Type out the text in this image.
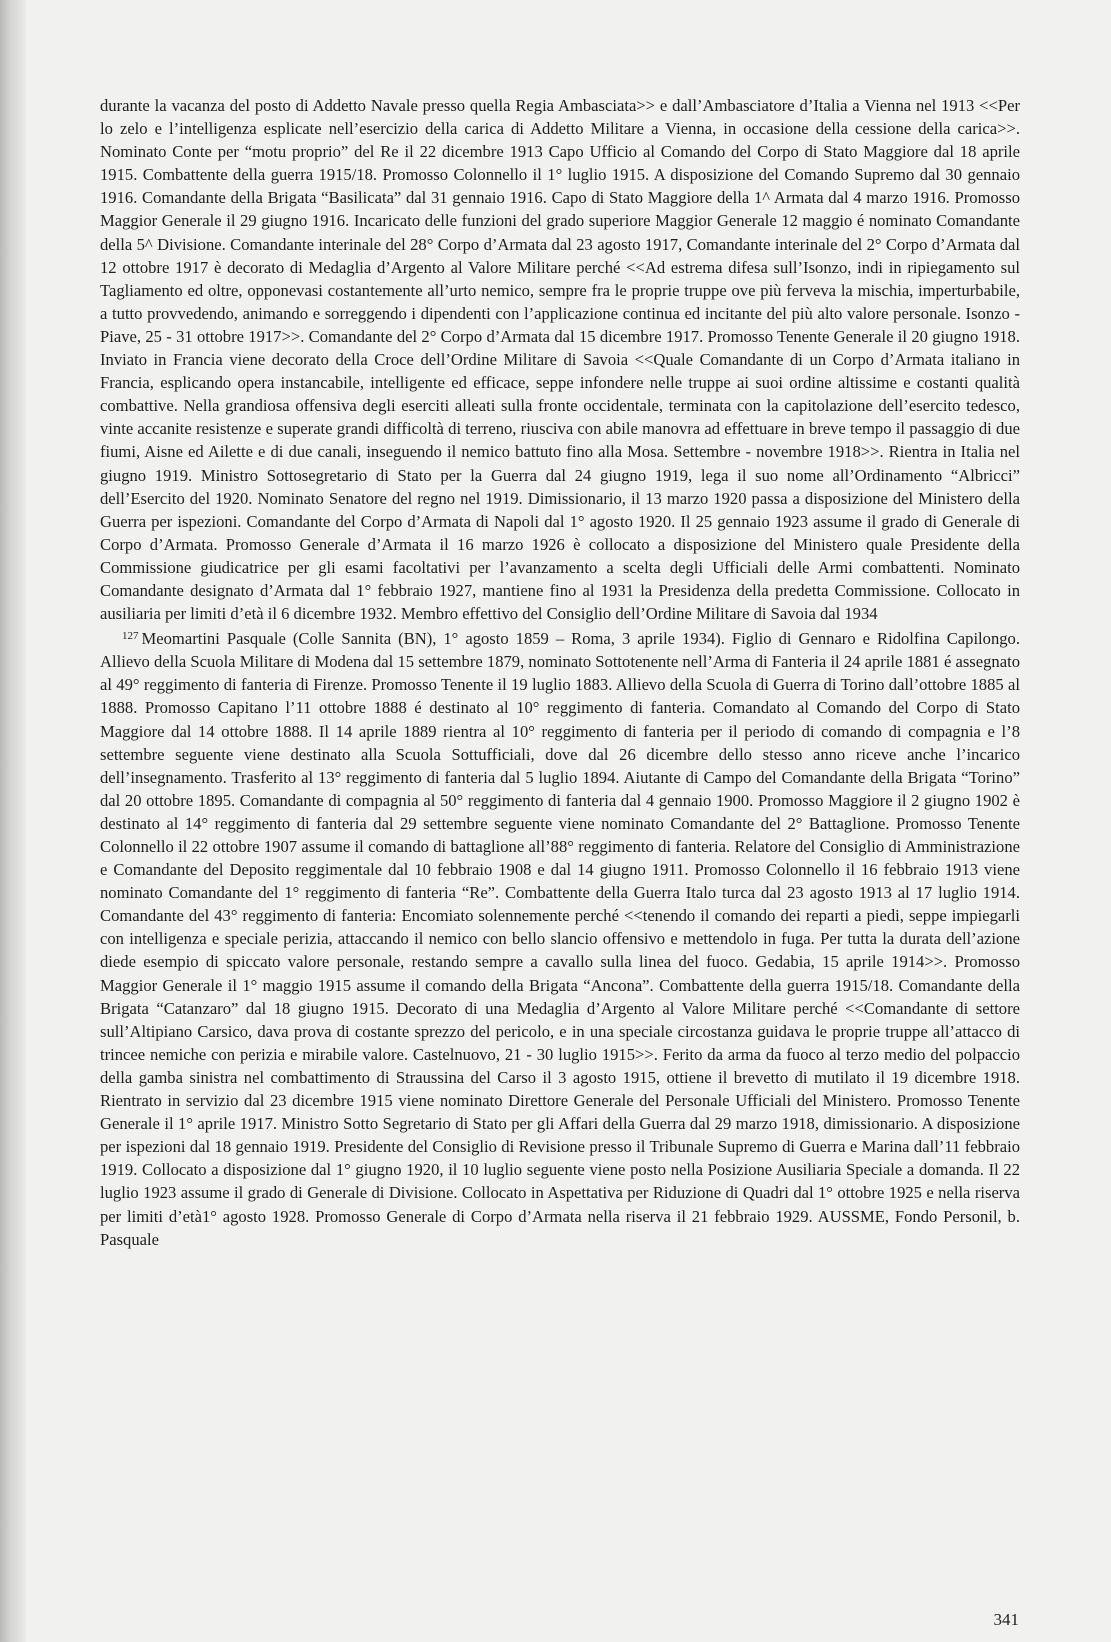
durante la vacanza del posto di Addetto Navale presso quella Regia Ambasciata>> e dall’Ambasciatore d’Italia a Vienna nel 1913 <<Per lo zelo e l’intelligenza esplicate nell’esercizio della carica di Addetto Militare a Vienna, in occasione della cessione della carica>>. Nominato Conte per “motu proprio” del Re il 22 dicembre 1913 Capo Ufficio al Comando del Corpo di Stato Maggiore dal 18 aprile 1915. Combattente della guerra 1915/18. Promosso Colonnello il 1° luglio 1915. A disposizione del Comando Supremo dal 30 gennaio 1916. Comandante della Brigata “Basilicata” dal 31 gennaio 1916. Capo di Stato Maggiore della 1^ Armata dal 4 marzo 1916. Promosso Maggior Generale il 29 giugno 1916. Incaricato delle funzioni del grado superiore Maggior Generale 12 maggio é nominato Comandante della 5^ Divisione. Comandante interinale del 28° Corpo d’Armata dal 23 agosto 1917, Comandante interinale del 2° Corpo d’Armata dal 12 ottobre 1917 è decorato di Medaglia d’Argento al Valore Militare perché <<Ad estrema difesa sull’Isonzo, indi in ripiegamento sul Tagliamento ed oltre, opponevasi costantemente all’urto nemico, sempre fra le proprie truppe ove più ferveva la mischia, imperturbabile, a tutto provvedendo, animando e sorreggendo i dipendenti con l’applicazione continua ed incitante del più alto valore personale. Isonzo - Piave, 25 - 31 ottobre 1917>>. Comandante del 2° Corpo d’Armata dal 15 dicembre 1917. Promosso Tenente Generale il 20 giugno 1918. Inviato in Francia viene decorato della Croce dell’Ordine Militare di Savoia <<Quale Comandante di un Corpo d’Armata italiano in Francia, esplicando opera instancabile, intelligente ed efficace, seppe infondere nelle truppe ai suoi ordine altissime e costanti qualità combattive. Nella grandiosa offensiva degli eserciti alleati sulla fronte occidentale, terminata con la capitolazione dell’esercito tedesco, vinte accanite resistenze e superate grandi difficoltà di terreno, riusciva con abile manovra ad effettuare in breve tempo il passaggio di due fiumi, Aisne ed Ailette e di due canali, inseguendo il nemico battuto fino alla Mosa. Settembre - novembre 1918>>. Rientra in Italia nel giugno 1919. Ministro Sottosegretario di Stato per la Guerra dal 24 giugno 1919, lega il suo nome all’Ordinamento “Albricci” dell’Esercito del 1920. Nominato Senatore del regno nel 1919. Dimissionario, il 13 marzo 1920 passa a disposizione del Ministero della Guerra per ispezioni. Comandante del Corpo d’Armata di Napoli dal 1° agosto 1920. Il 25 gennaio 1923 assume il grado di Generale di Corpo d’Armata. Promosso Generale d’Armata il 16 marzo 1926 è collocato a disposizione del Ministero quale Presidente della Commissione giudicatrice per gli esami facoltativi per l’avanzamento a scelta degli Ufficiali delle Armi combattenti. Nominato Comandante designato d’Armata dal 1° febbraio 1927, mantiene fino al 1931 la Presidenza della predetta Commissione. Collocato in ausiliaria per limiti d’età il 6 dicembre 1932. Membro effettivo del Consiglio dell’Ordine Militare di Savoia dal 1934

$^{127}$ Meomartini Pasquale (Colle Sannita (BN), 1° agosto 1859 – Roma, 3 aprile 1934). Figlio di Gennaro e Ridolfina Capilongo. Allievo della Scuola Militare di Modena dal 15 settembre 1879, nominato Sottotenente nell’Arma di Fanteria il 24 aprile 1881 é assegnato al 49° reggimento di fanteria di Firenze. Promosso Tenente il 19 luglio 1883. Allievo della Scuola di Guerra di Torino dall’ottobre 1885 al 1888. Promosso Capitano l’11 ottobre 1888 é destinato al 10° reggimento di fanteria. Comandato al Comando del Corpo di Stato Maggiore dal 14 ottobre 1888. Il 14 aprile 1889 rientra al 10° reggimento di fanteria per il periodo di comando di compagnia e l’8 settembre seguente viene destinato alla Scuola Sottufficiali, dove dal 26 dicembre dello stesso anno riceve anche l’incarico dell’insegnamento. Trasferito al 13° reggimento di fanteria dal 5 luglio 1894. Aiutante di Campo del Comandante della Brigata “Torino” dal 20 ottobre 1895. Comandante di compagnia al 50° reggimento di fanteria dal 4 gennaio 1900. Promosso Maggiore il 2 giugno 1902 è destinato al 14° reggimento di fanteria dal 29 settembre seguente viene nominato Comandante del 2° Battaglione. Promosso Tenente Colonnello il 22 ottobre 1907 assume il comando di battaglione all’88° reggimento di fanteria. Relatore del Consiglio di Amministrazione e Comandante del Deposito reggimentale dal 10 febbraio 1908 e dal 14 giugno 1911. Promosso Colonnello il 16 febbraio 1913 viene nominato Comandante del 1° reggimento di fanteria “Re”. Combattente della Guerra Italo turca dal 23 agosto 1913 al 17 luglio 1914. Comandante del 43° reggimento di fanteria: Encomiato solennemente perché <<tenendo il comando dei reparti a piedi, seppe impiegarli con intelligenza e speciale perizia, attaccando il nemico con bello slancio offensivo e mettendolo in fuga. Per tutta la durata dell’azione diede esempio di spiccato valore personale, restando sempre a cavallo sulla linea del fuoco. Gedabia, 15 aprile 1914>>. Promosso Maggior Generale il 1° maggio 1915 assume il comando della Brigata “Ancona”. Combattente della guerra 1915/18. Comandante della Brigata “Catanzaro” dal 18 giugno 1915. Decorato di una Medaglia d’Argento al Valore Militare perché <<Comandante di settore sull’Altipiano Carsico, dava prova di costante sprezzo del pericolo, e in una speciale circostanza guidava le proprie truppe all’attacco di trincee nemiche con perizia e mirabile valore. Castelnuovo, 21 - 30 luglio 1915>>. Ferito da arma da fuoco al terzo medio del polpaccio della gamba sinistra nel combattimento di Straussina del Carso il 3 agosto 1915, ottiene il brevetto di mutilato il 19 dicembre 1918. Rientrato in servizio dal 23 dicembre 1915 viene nominato Direttore Generale del Personale Ufficiali del Ministero. Promosso Tenente Generale il 1° aprile 1917. Ministro Sotto Segretario di Stato per gli Affari della Guerra dal 29 marzo 1918, dimissionario. A disposizione per ispezioni dal 18 gennaio 1919. Presidente del Consiglio di Revisione presso il Tribunale Supremo di Guerra e Marina dall’11 febbraio 1919. Collocato a disposizione dal 1° giugno 1920, il 10 luglio seguente viene posto nella Posizione Ausiliaria Speciale a domanda. Il 22 luglio 1923 assume il grado di Generale di Divisione. Collocato in Aspettativa per Riduzione di Quadri dal 1° ottobre 1925 e nella riserva per limiti d’età1° agosto 1928. Promosso Generale di Corpo d’Armata nella riserva il 21 febbraio 1929. AUSSME, Fondo Personil, b. Pasquale

341
